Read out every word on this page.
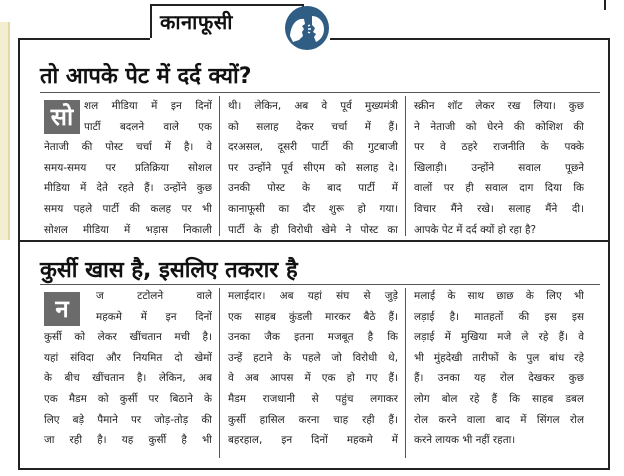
कानाफूसी
तो आपके पेट में दर्द क्यों?
सो	शल मीडिया में इन दिनों
पार्टी बदलने वाले एक
नेताजी की पोस्ट चर्चा में है। वे
समय-समय पर प्रतिक्रिया सोशल
मीडिया में देते रहते हैं। उन्होंने कुछ
समय पहले पार्टी की कलह पर भी
सोशल मीडिया में भड़ास निकाली
थी। लेकिन, अब वे पूर्व मुख्यमंत्री
को सलाह देकर चर्चा में हैं।
दरअसल, दूसरी पार्टी की गुटबाजी
पर उन्होंने पूर्व सीएम को सलाह दे।
उनकी पोस्ट के बाद पार्टी में
कानाफूसी का दौर शुरू हो गया।
पार्टी के ही विरोधी खेमे ने पोस्ट का
स्क्रीन शॉट लेकर रख लिया। कुछ
ने नेताजी को घेरने की कोशिश की
पर वे ठहरे राजनीति के पक्के
खिलाड़ी। उन्होंने सवाल पूछने
वालों पर ही सवाल दाग दिया कि
विचार मैंने रखे। सलाह मैंने दी।
आपके पेट में दर्द क्यों हो रहा है?
कुर्सी खास है, इसलिए तकरार है
न	ज टटोलने वाले
महकमे में इन दिनों
कुर्सी को लेकर खींचतान मची है।
यहां संविदा और नियमित दो खेमों
के बीच खींचतान है। लेकिन, अब
एक मैडम को कुर्सी पर बिठाने के
लिए बड़े पैमाने पर जोड़-तोड़ की
जा रही है। यह कुर्सी है भी
मलाईदार। अब यहां संघ से जुड़े
एक साहब कुंडली मारकर बैठे हैं।
उनका जैक इतना मजबूत है कि
उन्हें हटाने के पहले जो विरोधी थे,
वे अब आपस में एक हो गए हैं।
मैडम राजधानी से पहुंच लगाकर
कुर्सी हासिल करना चाह रही हैं।
बहरहाल, इन दिनों महकमे में
मलाई के साथ छाछ के लिए भी
लड़ाई है। मातहतों की इस इस
लड़ाई में मुखिया मजे ले रहे हैं। वे
भी मुंहदेखी तारीफों के पुल बांध रहे
हैं। उनका यह रोल देखकर कुछ
लोग बोल रहे हैं कि साहब डबल
रोल करने वाला बाद में सिंगल रोल
करने लायक भी नहीं रहता।
